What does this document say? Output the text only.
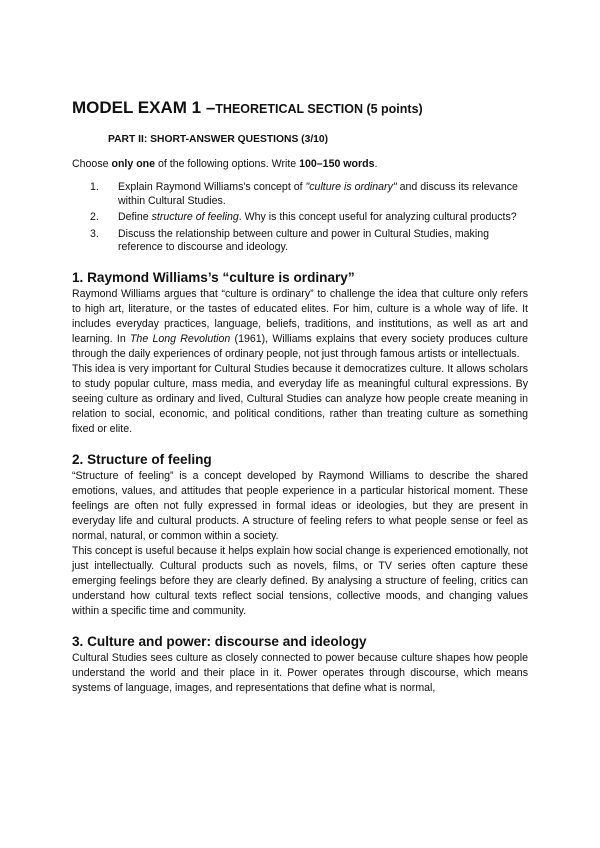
MODEL EXAM 1 –THEORETICAL SECTION (5 points)
PART II: SHORT-ANSWER QUESTIONS (3/10)

Choose only one of the following options. Write 100–150 words.

1.	Explain Raymond Williams's concept of "culture is ordinary" and discuss its relevance within Cultural Studies.
2.	Define structure of feeling. Why is this concept useful for analyzing cultural products?
3.	Discuss the relationship between culture and power in Cultural Studies, making reference to discourse and ideology.
1. Raymond Williams’s “culture is ordinary”

Raymond Williams argues that “culture is ordinary” to challenge the idea that culture only refers to high art, literature, or the tastes of educated elites. For him, culture is a whole way of life. It includes everyday practices, language, beliefs, traditions, and institutions, as well as art and learning. In The Long Revolution (1961), Williams explains that every society produces culture through the daily experiences of ordinary people, not just through famous artists or intellectuals.

This idea is very important for Cultural Studies because it democratizes culture. It allows scholars to study popular culture, mass media, and everyday life as meaningful cultural expressions. By seeing culture as ordinary and lived, Cultural Studies can analyze how people create meaning in relation to social, economic, and political conditions, rather than treating culture as something fixed or elite.

2. Structure of feeling

“Structure of feeling” is a concept developed by Raymond Williams to describe the shared emotions, values, and attitudes that people experience in a particular historical moment. These feelings are often not fully expressed in formal ideas or ideologies, but they are present in everyday life and cultural products. A structure of feeling refers to what people sense or feel as normal, natural, or common within a society.

This concept is useful because it helps explain how social change is experienced emotionally, not just intellectually. Cultural products such as novels, films, or TV series often capture these emerging feelings before they are clearly defined. By analysing a structure of feeling, critics can understand how cultural texts reflect social tensions, collective moods, and changing values within a specific time and community.

3. Culture and power: discourse and ideology

Cultural Studies sees culture as closely connected to power because culture shapes how people understand the world and their place in it. Power operates through discourse, which means systems of language, images, and representations that define what is normal,
